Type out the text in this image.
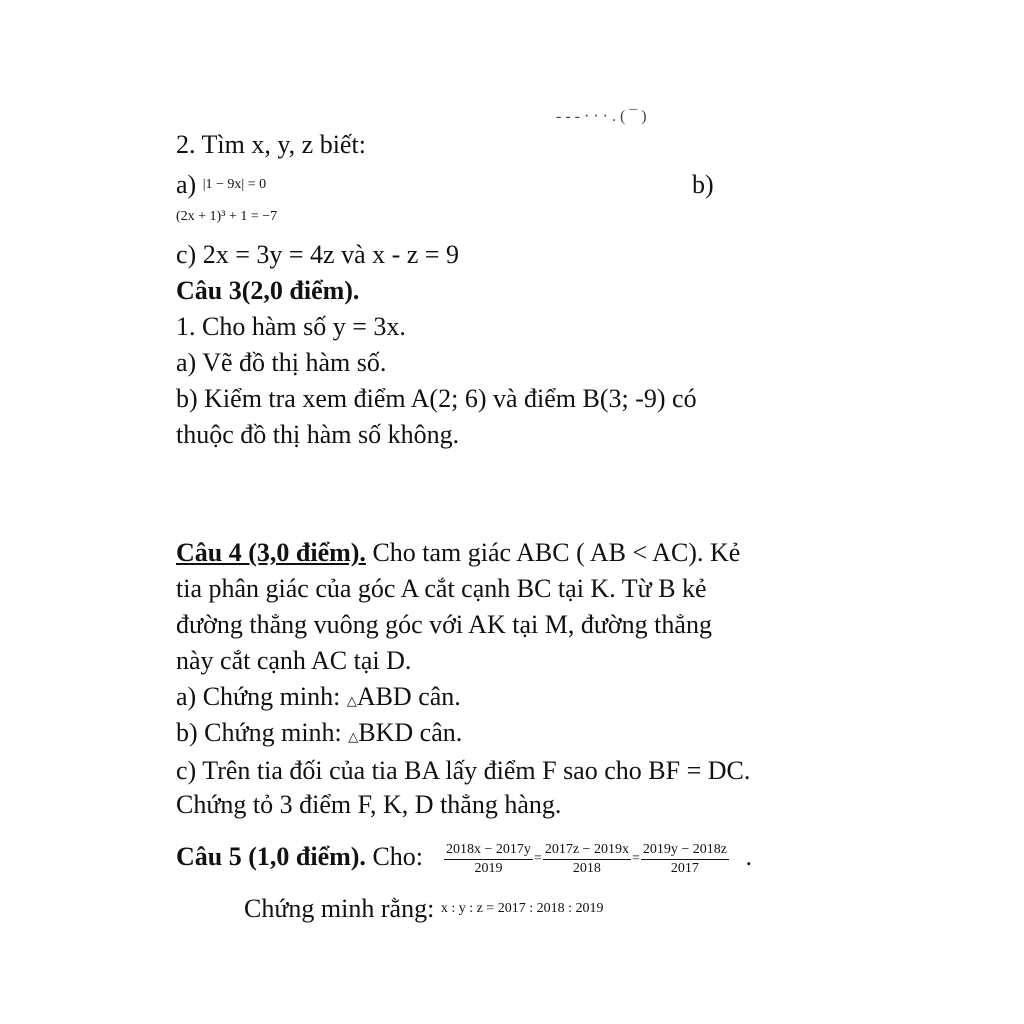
- - - · · · . ( ¯ )
2. Tìm x, y, z biết:
a) $^{|1 - 9x| = 0}$	b)
(2x + 1)³ + 1 = −7
c) 2x = 3y = 4z và x - z = 9
Câu 3(2,0 điểm).
1. Cho hàm số y = 3x.
a) Vẽ đồ thị hàm số.
b) Kiểm tra xem điểm A(2; 6) và điểm B(3; -9) có
thuộc đồ thị hàm số không.
Câu 4 (3,0 điểm). Cho tam giác ABC ( AB < AC). Kẻ
tia phân giác của góc A cắt cạnh BC tại K. Từ B kẻ
đường thẳng vuông góc với AK tại M, đường thẳng
này cắt cạnh AC tại D.
a) Chứng minh: △ABD cân.
b) Chứng minh: △BKD cân.
c) Trên tia đối của tia BA lấy điểm F sao cho BF = DC.
Chứng tỏ 3 điểm F, K, D thẳng hàng.
Câu 5 (1,0 điểm). Cho: $\frac{2018x - 2017y}{2019} = \frac{2017z - 2019x}{2018} = \frac{2019y - 2018z}{2017}$ .
Chứng minh rằng: $^{x : y : z = 2017 : 2018 : 2019}$
